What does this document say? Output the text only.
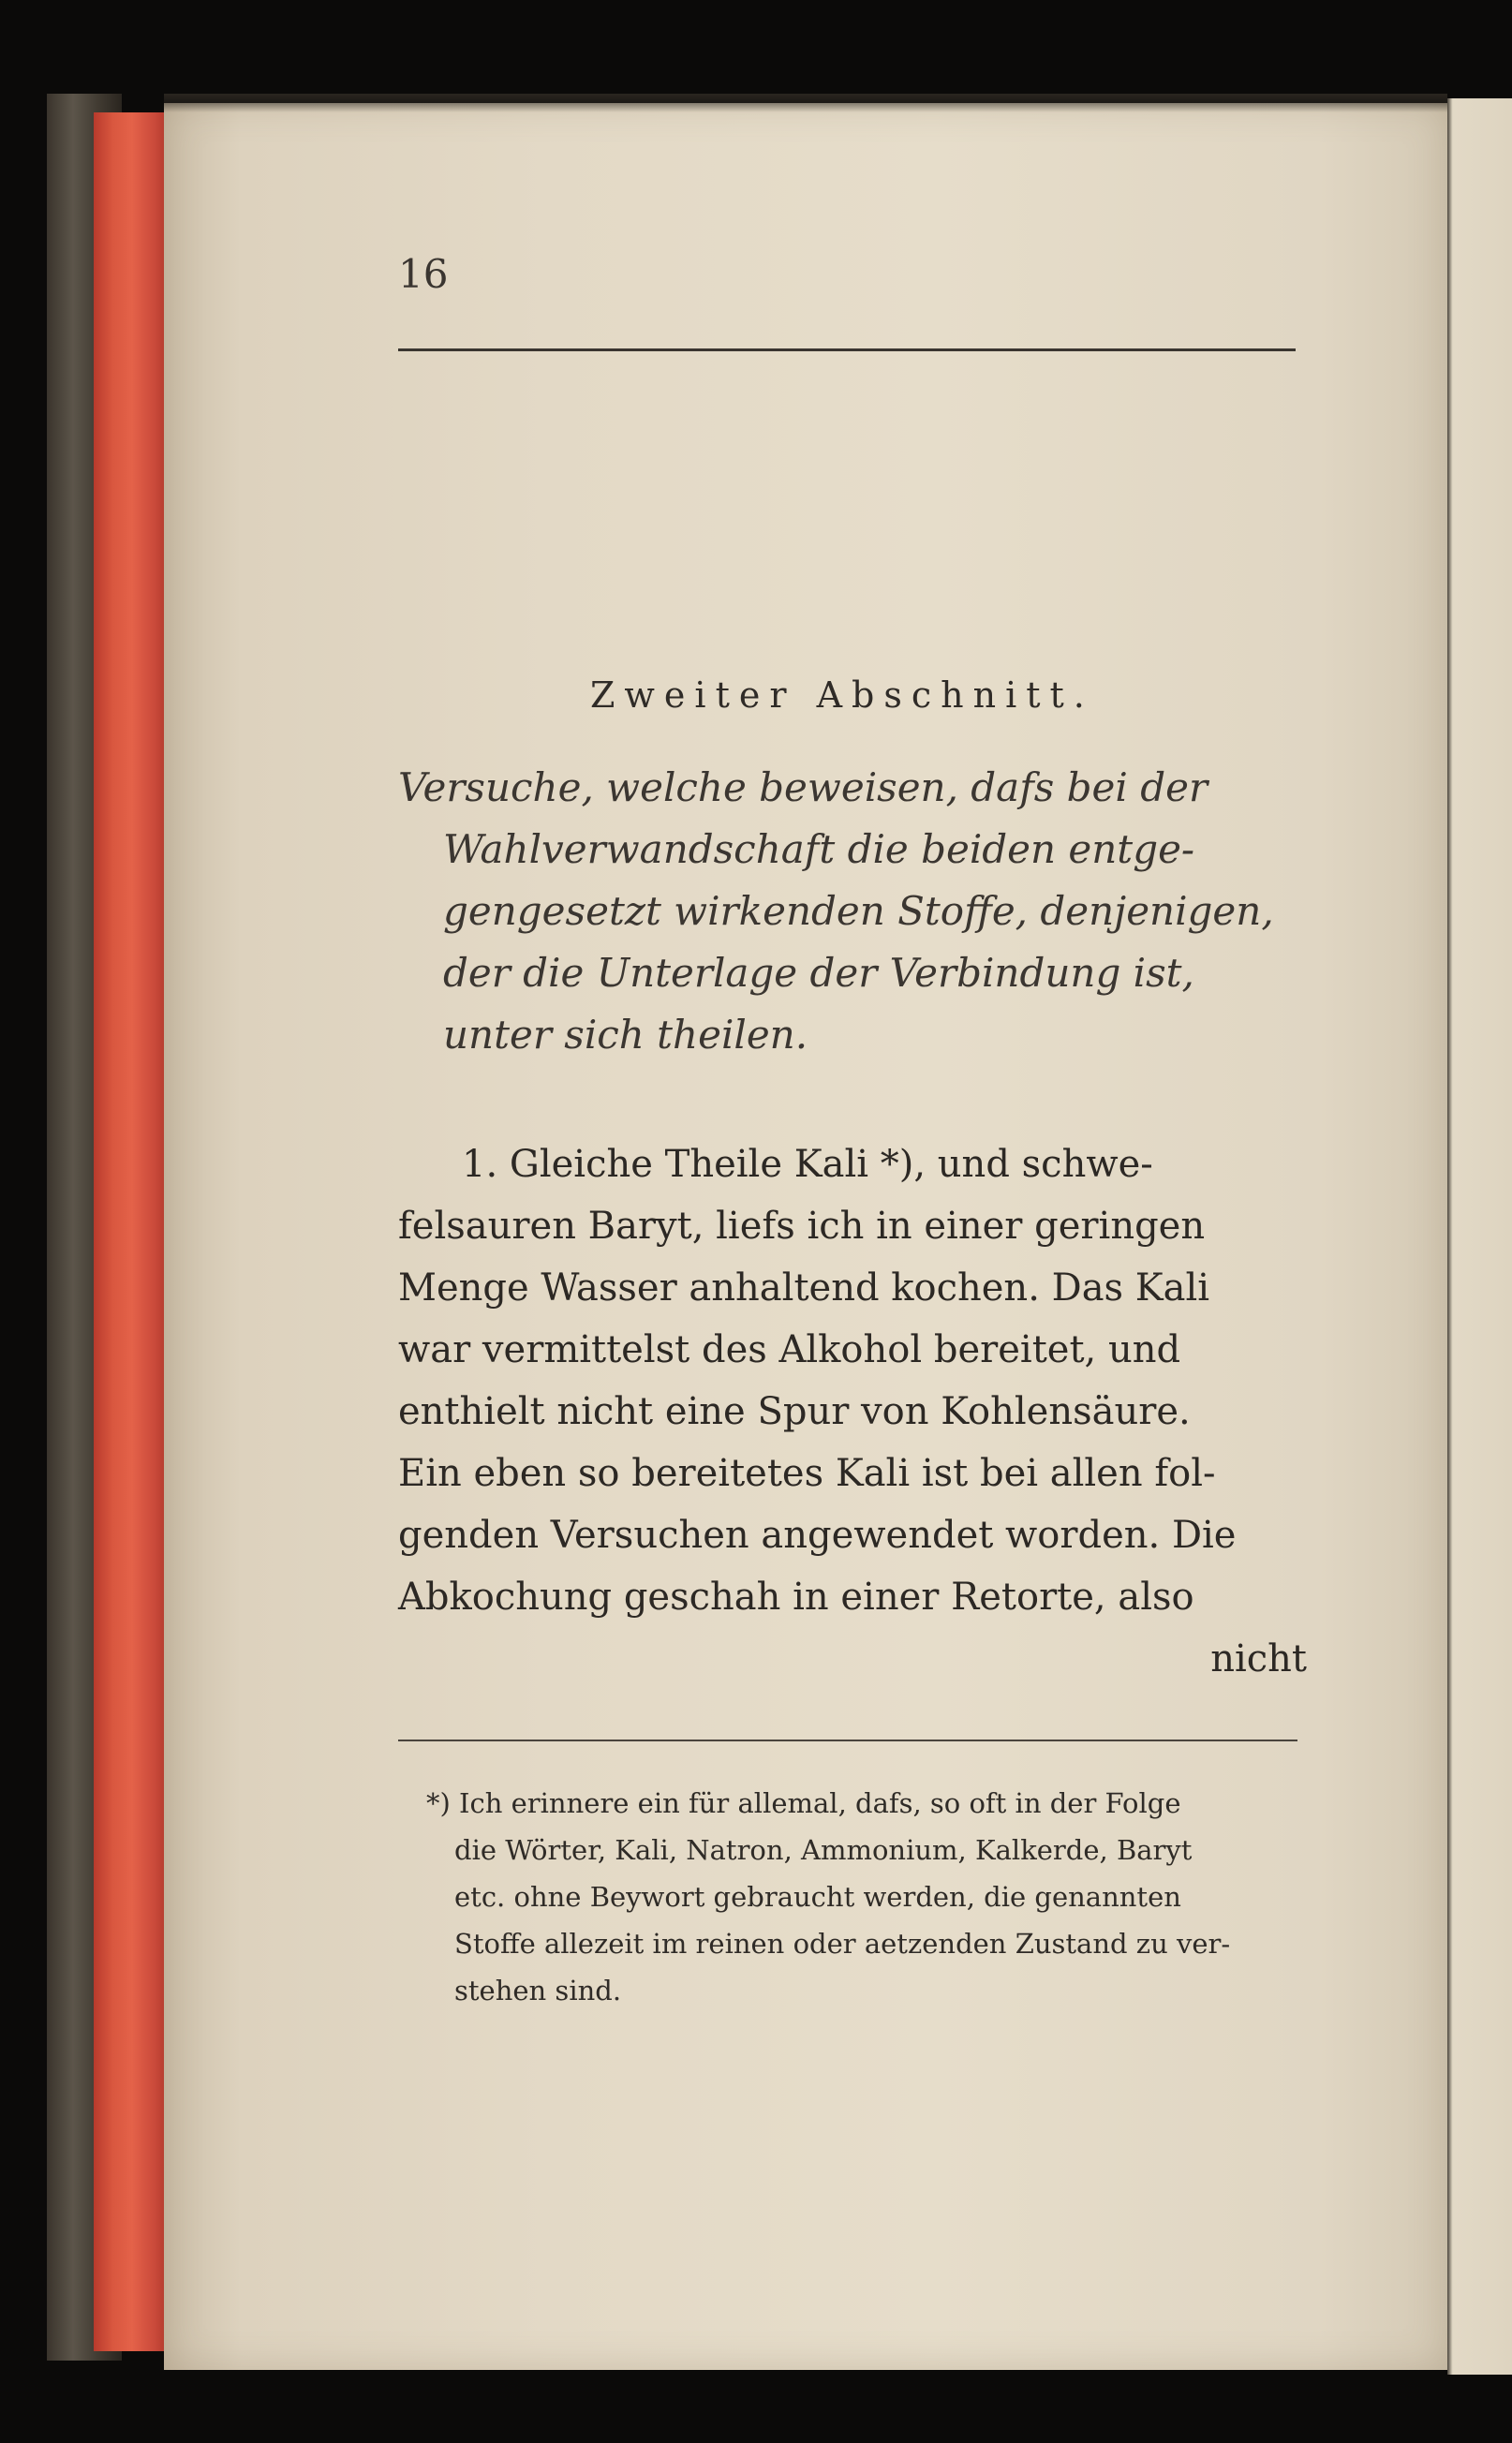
16
Zweiter Abschnitt.
Versuche, welche beweisen, dafs bei der
Wahlverwandschaft die beiden entge-
gengesetzt wirkenden Stoffe, denjenigen,
der die Unterlage der Verbindung ist,
unter sich theilen.
1. Gleiche Theile Kali *), und schwe-
felsauren Baryt, liefs ich in einer geringen
Menge Wasser anhaltend kochen. Das Kali
war vermittelst des Alkohol bereitet, und
enthielt nicht eine Spur von Kohlensäure.
Ein eben so bereitetes Kali ist bei allen fol-
genden Versuchen angewendet worden. Die
Abkochung geschah in einer Retorte, also
nicht
*) Ich erinnere ein für allemal, dafs, so oft in der Folge
die Wörter, Kali, Natron, Ammonium, Kalkerde, Baryt
etc. ohne Beywort gebraucht werden, die genannten
Stoffe allezeit im reinen oder aetzenden Zustand zu ver-
stehen sind.
